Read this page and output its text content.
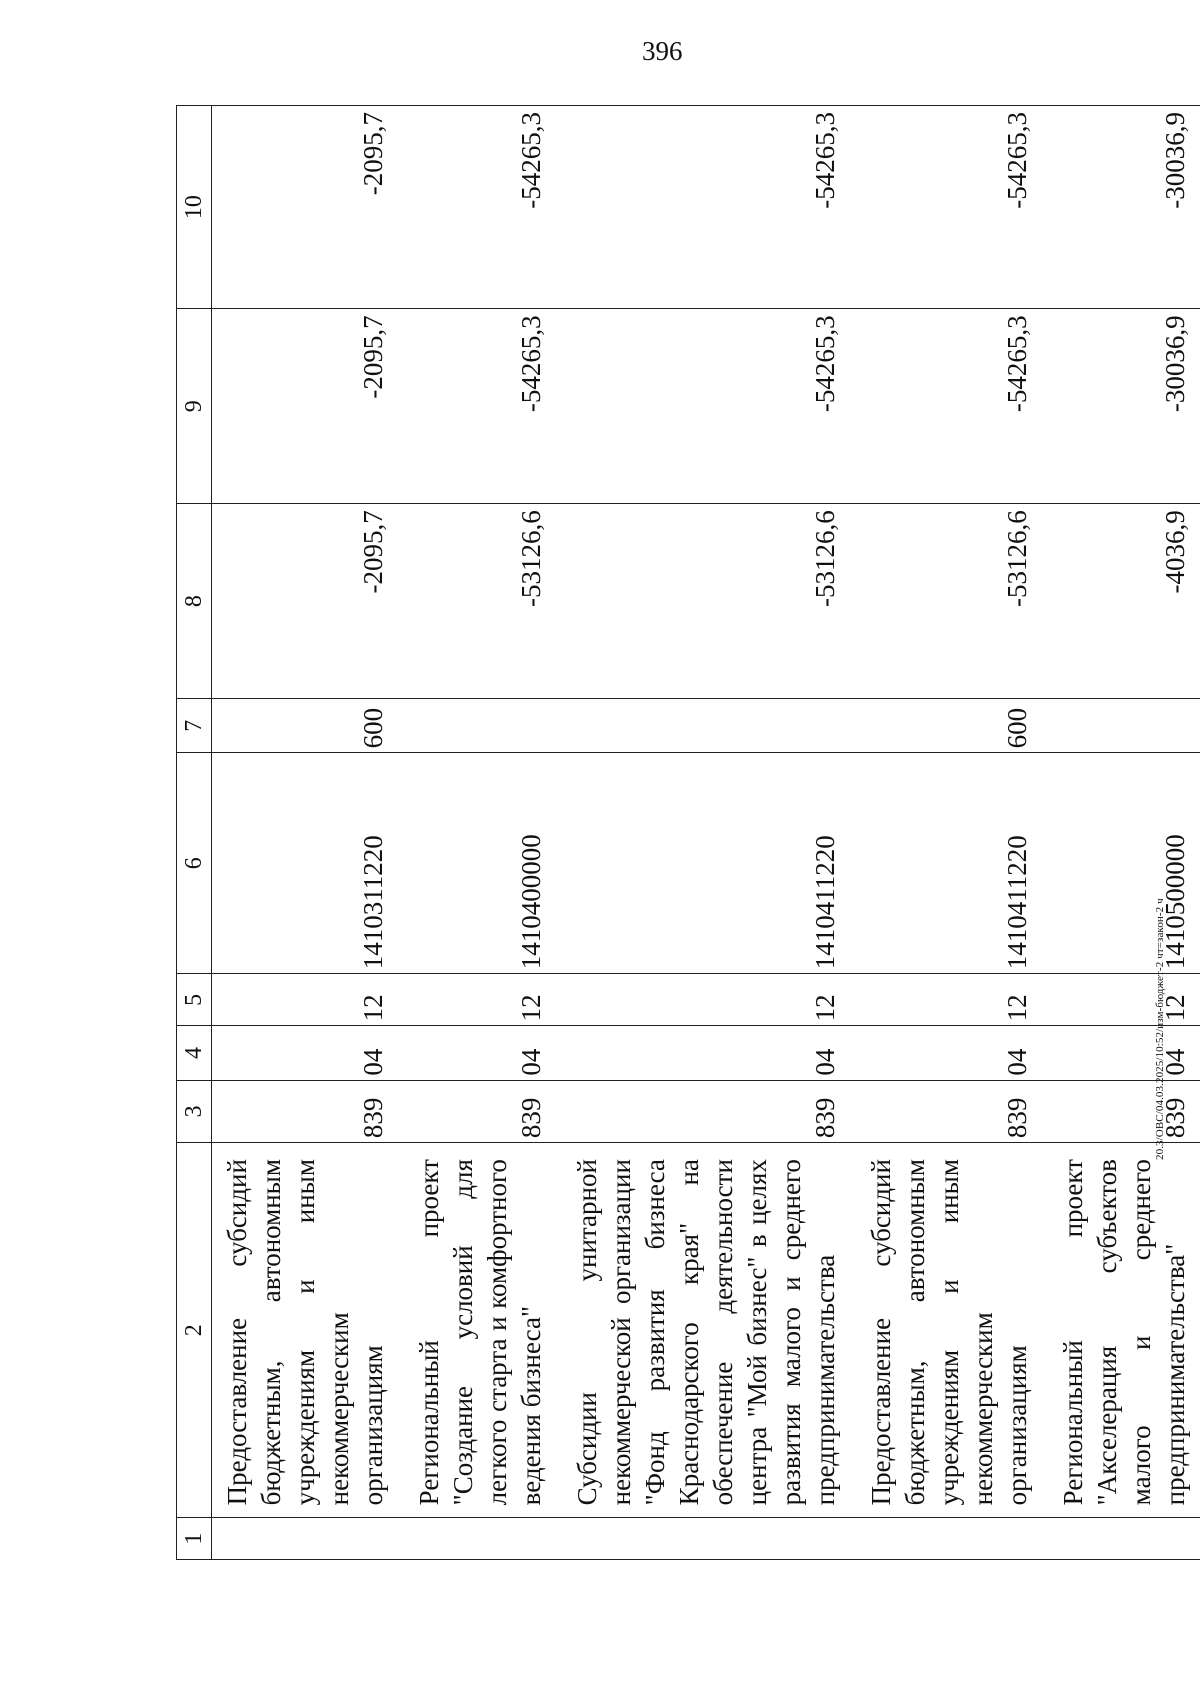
396
20.3/OBC/04.03.2025/10:52/изм-бюджет-2 чт=закон-2 ч
1	2	3	4	5	6	7	8	9	10
	Предоставление субсидий бюджетным, автономным учреждениям и иным некоммерческим организациям	839	04	12	1410311220	600	-2095,7	-2095,7	-2095,7
	Региональный проект "Создание условий для легкого старта и комфортного ведения бизнеса"	839	04	12	1410400000		-53126,6	-54265,3	-54265,3
	Субсидии унитарной некоммерческой организации "Фонд развития бизнеса Краснодарского края" на обеспечение деятельности центра "Мой бизнес" в целях развития малого и среднего предпринимательства	839	04	12	1410411220		-53126,6	-54265,3	-54265,3
	Предоставление субсидий бюджетным, автономным учреждениям и иным некоммерческим организациям	839	04	12	1410411220	600	-53126,6	-54265,3	-54265,3
	Региональный проект "Акселерация субъектов малого и среднего предпринимательства"	839	04	12	1410500000		-4036,9	-30036,9	-30036,9
